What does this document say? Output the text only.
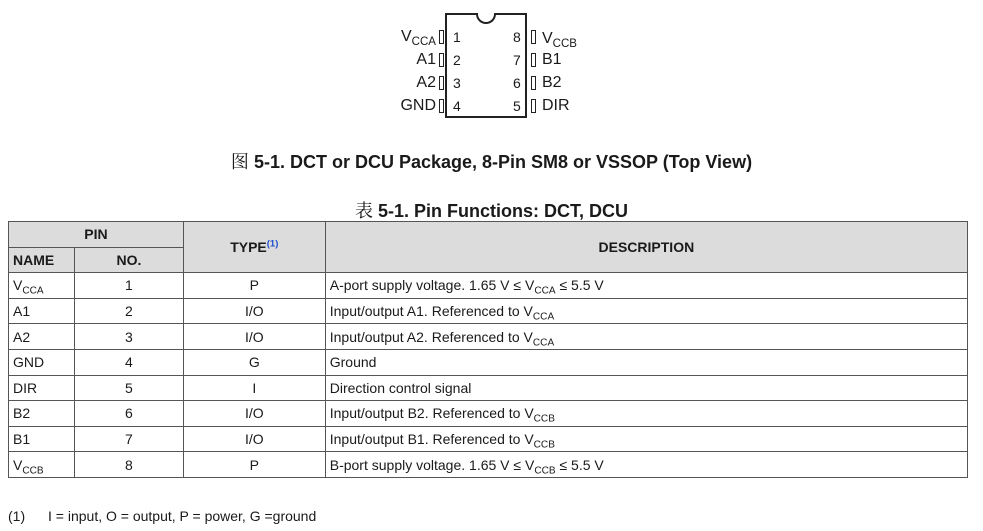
$V_{CCA}$ 1
A1 2
A2 3
GND 4
8 $V_{CCB}$
7 B1
6 B2
5 DIR
图 5-1. DCT or DCU Package, 8-Pin SM8 or VSSOP (Top View)
表 5-1. Pin Functions: DCT, DCU
PIN		TYPE$^{(1)}$	DESCRIPTION
NAME	NO.		
$V_{CCA}$	1	P	A-port supply voltage. 1.65 $V \le V_{CCA} \le 5.5$ V
A1	2	I/O	Input/output A1. Referenced to $V_{CCA}$
A2	3	I/O	Input/output A2. Referenced to $V_{CCA}$
GND	4	G	Ground
DIR	5	I	Direction control signal
B2	6	I/O	Input/output B2. Referenced to $V_{CCB}$
B1	7	I/O	Input/output B1. Referenced to $V_{CCB}$
$V_{CCB}$	8	P	B-port supply voltage. 1.65 $V \le V_{CCB} \le 5.5$ V
(1) I = input, O = output, P = power, G =ground
